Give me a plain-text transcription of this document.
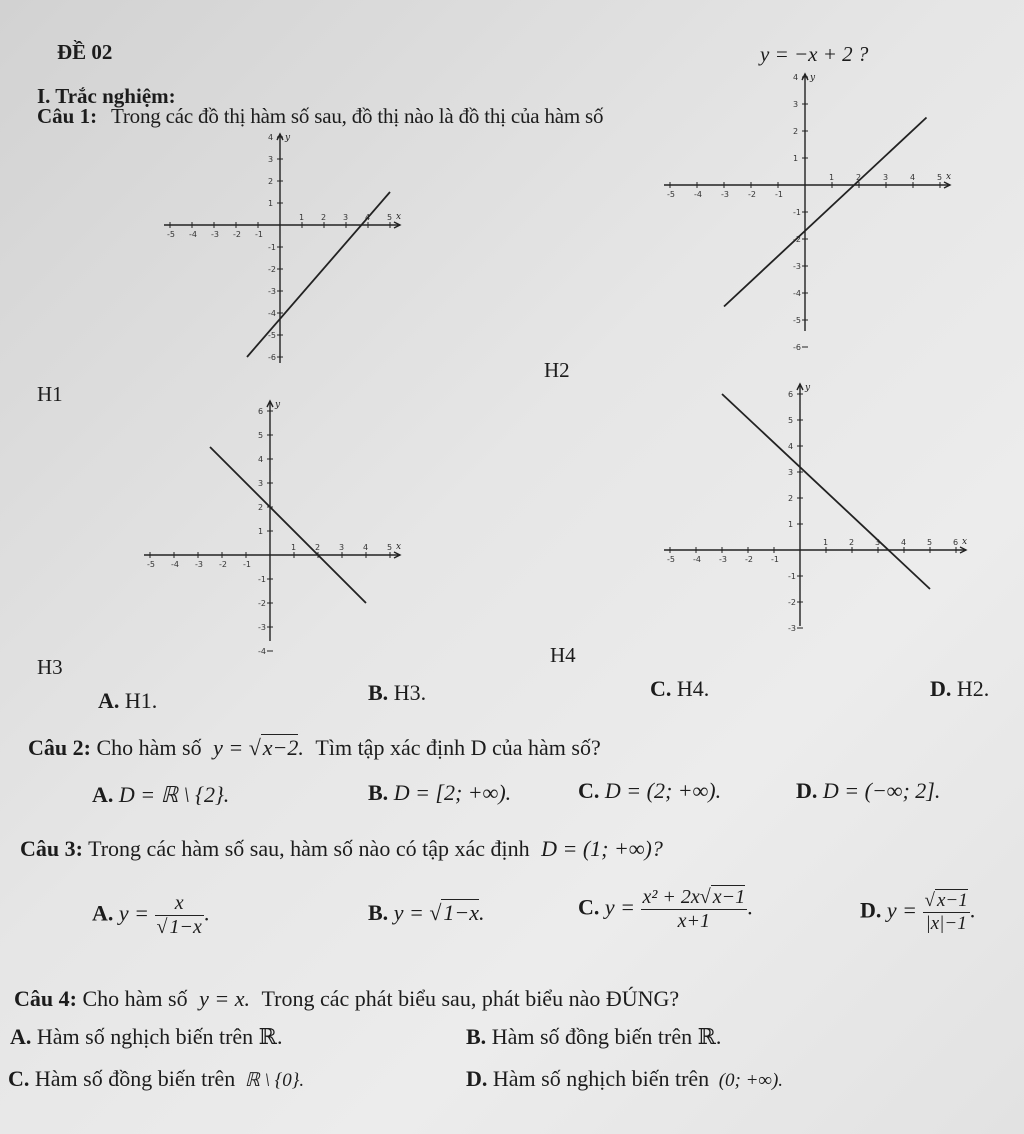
ĐỀ 02
I. Trắc nghiệm:
Câu 1: Trong các đồ thị hàm số sau, đồ thị nào là đồ thị của hàm số
y = −x + 2 ?
x
y
-5 -4 -3 -2 -1
1 2 3 4 5
-6
-5
-4
-3
-2
-1
1
2
3
4
H1
x
y
-5 -4 -3 -2 -1
1	2	3	4	5
-6
-5
-4
-3
-2
-1
1
2
3
4
H2
x
y
-5 -4 -3 -2 -1
1 2 3 4 5
-4
-3
-2
-1
1
2
3
4
5
6
H3
x
y
-5 -4 -3 -2 -1
1	2	3	4	5	6
-3
-2
-1
1
2
3
4
5
6
H4
A. H1.	B. H3.	C. H4.	D. H2.
Câu 2: Cho hàm số y = √x−2. Tìm tập xác định D của hàm số?
A. D = ℝ \ {2}.	B. D = [2; +∞).	C. D = (2; +∞).	D. D = (−∞; 2].
Câu 3: Trong các hàm số sau, hàm số nào có tập xác định D = (1; +∞)?
A. $y = \frac{x}{√ 1-x}$ .	B. y = √1−x.	C. $y = \frac{\text{x² + 2x√ x−1}}{x+1}$ .	D. $y = \frac{√ x-1}{|x|-1}$ .
Câu 4: Cho hàm số y = x. Trong các phát biểu sau, phát biểu nào ĐÚNG?
A. Hàm số nghịch biến trên ℝ.	B. Hàm số đồng biến trên ℝ.
C. Hàm số đồng biến trên ℝ \ {0}.	D. Hàm số nghịch biến trên (0; +∞).
